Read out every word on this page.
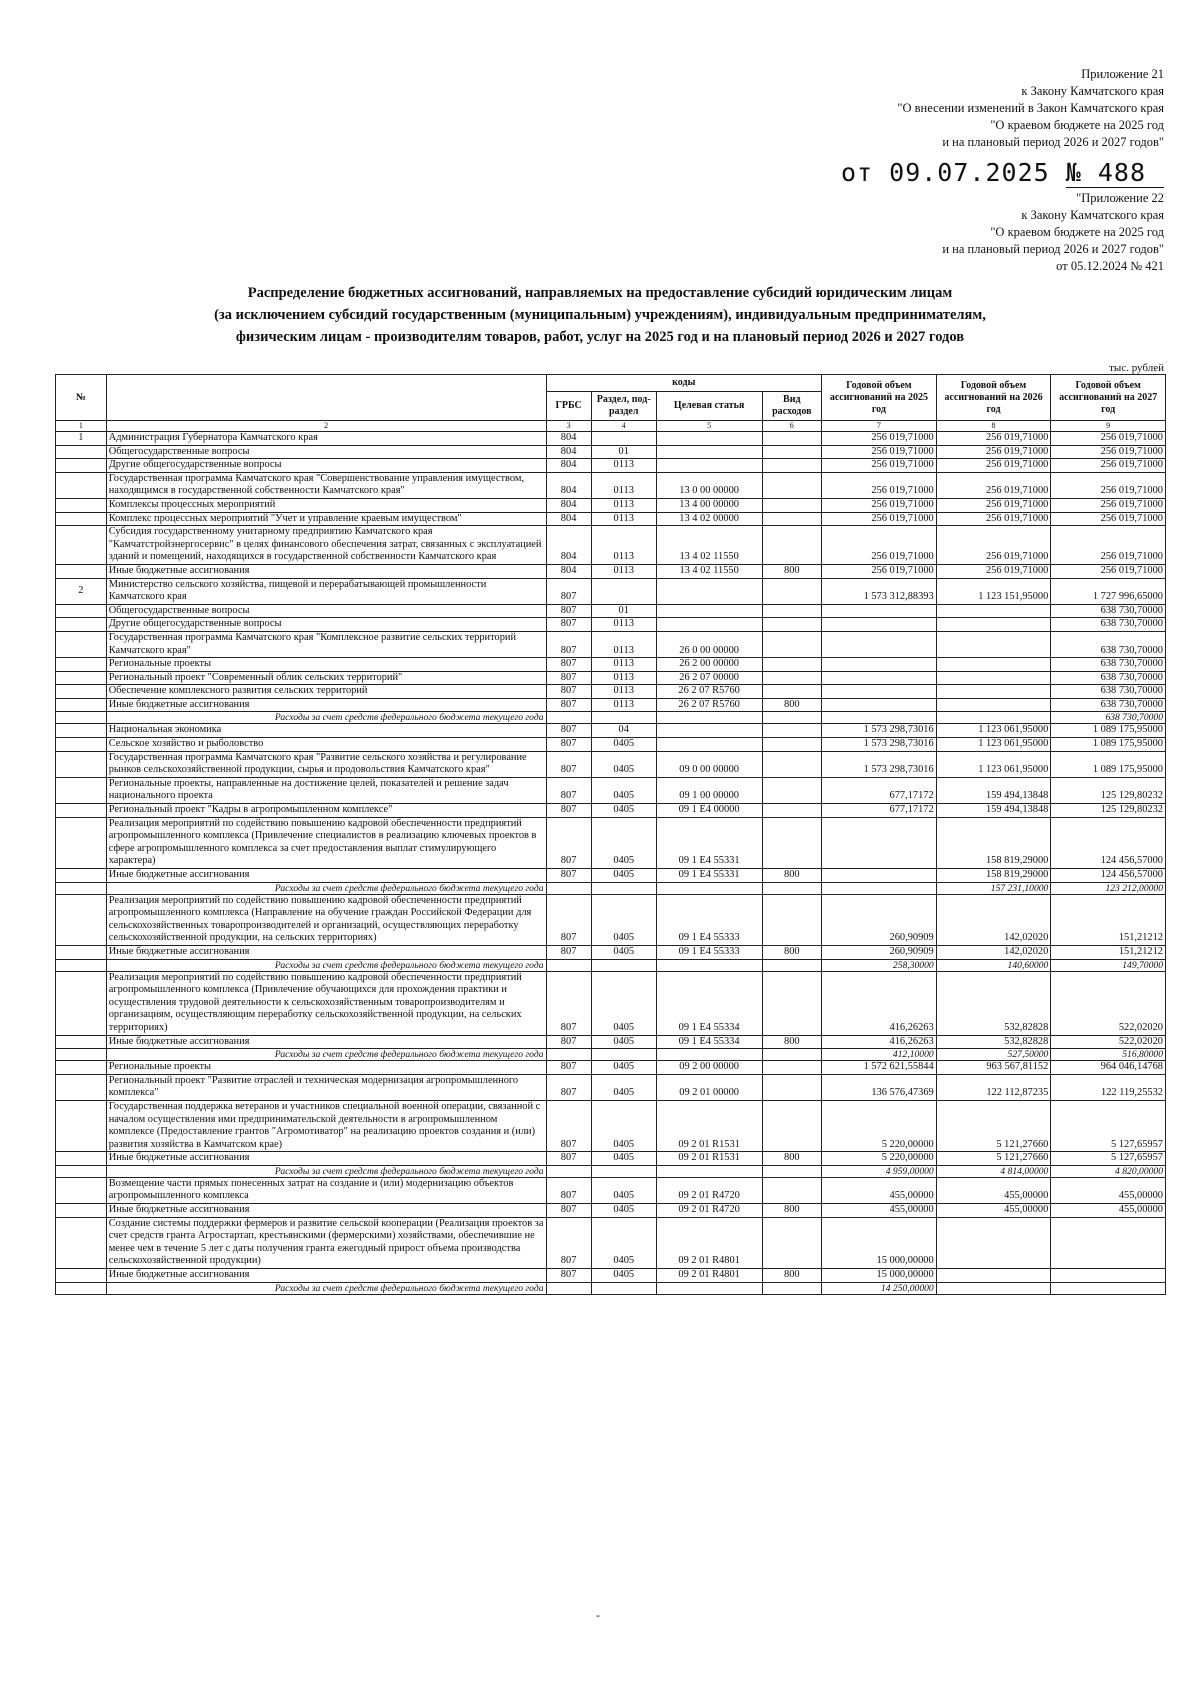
Приложение 21
к Закону Камчатского края
"О внесении изменений в Закон Камчатского края
"О краевом бюджете на 2025 год
и на плановый период 2026 и 2027 годов"
от 09.07.2025 № 488
"Приложение 22
к Закону Камчатского края
"О краевом бюджете на 2025 год
и на плановый период 2026 и 2027 годов"
от 05.12.2024 № 421
Распределение бюджетных ассигнований, направляемых на предоставление субсидий юридическим лицам
(за исключением субсидий государственным (муниципальным) учреждениям), индивидуальным предпринимателям,
физическим лицам - производителям товаров, работ, услуг на 2025 год и на плановый период 2026 и 2027 годов
тыс. рублей
№		коды				Годовой объем ассигнований на 2025 год	Годовой объем ассигнований на 2026 год	Годовой объем ассигнований на 2027 год
		ГРБС	Раздел, под-раздел	Целевая статья	Вид расходов			
1	2	3	4	5	6	7	8	9
1	Администрация Губернатора Камчатского края	804				256 019,71000	256 019,71000	256 019,71000
	Общегосударственные вопросы	804	01			256 019,71000	256 019,71000	256 019,71000
	Другие общегосударственные вопросы	804	0113			256 019,71000	256 019,71000	256 019,71000
	Государственная программа Камчатского края "Совершенствование управления имуществом, находящимся в государственной собственности Камчатского края"	804	0113	13 0 00 00000		256 019,71000	256 019,71000	256 019,71000
	Комплексы процессных мероприятий	804	0113	13 4 00 00000		256 019,71000	256 019,71000	256 019,71000
	Комплекс процессных мероприятий "Учет и управление краевым имуществом"	804	0113	13 4 02 00000		256 019,71000	256 019,71000	256 019,71000
	Субсидия государственному унитарному предприятию Камчатского края "Камчатстройэнергосервис" в целях финансового обеспечения затрат, связанных с эксплуатацией зданий и помещений, находящихся в государственной собственности Камчатского края	804	0113	13 4 02 11550		256 019,71000	256 019,71000	256 019,71000
	Иные бюджетные ассигнования	804	0113	13 4 02 11550	800	256 019,71000	256 019,71000	256 019,71000
2	Министерство сельского хозяйства, пищевой и перерабатывающей промышленности Камчатского края	807				1 573 312,88393	1 123 151,95000	1 727 996,65000
	Общегосударственные вопросы	807	01					638 730,70000
	Другие общегосударственные вопросы	807	0113					638 730,70000
	Государственная программа Камчатского края "Комплексное развитие сельских территорий Камчатского края"	807	0113	26 0 00 00000				638 730,70000
	Региональные проекты	807	0113	26 2 00 00000				638 730,70000
	Региональный проект "Современный облик сельских территорий"	807	0113	26 2 07 00000				638 730,70000
	Обеспечение комплексного развития сельских территорий	807	0113	26 2 07 R5760				638 730,70000
	Иные бюджетные ассигнования	807	0113	26 2 07 R5760	800			638 730,70000
	Расходы за счет средств федерального бюджета текущего года							638 730,70000
	Национальная экономика	807	04			1 573 298,73016	1 123 061,95000	1 089 175,95000
	Сельское хозяйство и рыболовство	807	0405			1 573 298,73016	1 123 061,95000	1 089 175,95000
	Государственная программа Камчатского края "Развитие сельского хозяйства и регулирование рынков сельскохозяйственной продукции, сырья и продовольствия Камчатского края"	807	0405	09 0 00 00000		1 573 298,73016	1 123 061,95000	1 089 175,95000
	Региональные проекты, направленные на достижение целей, показателей и решение задач национального проекта	807	0405	09 1 00 00000		677,17172	159 494,13848	125 129,80232
	Региональный проект "Кадры в агропромышленном комплексе"	807	0405	09 1 E4 00000		677,17172	159 494,13848	125 129,80232
	Реализация мероприятий по содействию повышению кадровой обеспеченности предприятий агропромышленного комплекса (Привлечение специалистов в реализацию ключевых проектов в сфере агропромышленного комплекса за счет предоставления выплат стимулирующего характера)	807	0405	09 1 E4 55331			158 819,29000	124 456,57000
	Иные бюджетные ассигнования	807	0405	09 1 E4 55331	800		158 819,29000	124 456,57000
	Расходы за счет средств федерального бюджета текущего года						157 231,10000	123 212,00000
	Реализация мероприятий по содействию повышению кадровой обеспеченности предприятий агропромышленного комплекса (Направление на обучение граждан Российской Федерации для сельскохозяйственных товаропроизводителей и организаций, осуществляющих переработку сельскохозяйственной продукции, на сельских территориях)	807	0405	09 1 E4 55333		260,90909	142,02020	151,21212
	Иные бюджетные ассигнования	807	0405	09 1 E4 55333	800	260,90909	142,02020	151,21212
	Расходы за счет средств федерального бюджета текущего года					258,30000	140,60000	149,70000
	Реализация мероприятий по содействию повышению кадровой обеспеченности предприятий агропромышленного комплекса (Привлечение обучающихся для прохождения практики и осуществления трудовой деятельности к сельскохозяйственным товаропроизводителям и организациям, осуществляющим переработку сельскохозяйственной продукции, на сельских территориях)	807	0405	09 1 E4 55334		416,26263	532,82828	522,02020
	Иные бюджетные ассигнования	807	0405	09 1 E4 55334	800	416,26263	532,82828	522,02020
	Расходы за счет средств федерального бюджета текущего года					412,10000	527,50000	516,80000
	Региональные проекты	807	0405	09 2 00 00000		1 572 621,55844	963 567,81152	964 046,14768
	Региональный проект "Развитие отраслей и техническая модернизация агропромышленного комплекса"	807	0405	09 2 01 00000		136 576,47369	122 112,87235	122 119,25532
	Государственная поддержка ветеранов и участников специальной военной операции, связанной с началом осуществления ими предпринимательской деятельности в агропромышленном комплексе (Предоставление грантов "Агромотиватор" на реализацию проектов создания и (или) развития хозяйства в Камчатском крае)	807	0405	09 2 01 R1531		5 220,00000	5 121,27660	5 127,65957
	Иные бюджетные ассигнования	807	0405	09 2 01 R1531	800	5 220,00000	5 121,27660	5 127,65957
	Расходы за счет средств федерального бюджета текущего года					4 959,00000	4 814,00000	4 820,00000
	Возмещение части прямых понесенных затрат на создание и (или) модернизацию объектов агропромышленного комплекса	807	0405	09 2 01 R4720		455,00000	455,00000	455,00000
	Иные бюджетные ассигнования	807	0405	09 2 01 R4720	800	455,00000	455,00000	455,00000
	Создание системы поддержки фермеров и развитие сельской кооперации (Реализация проектов за счет средств гранта Агростартап, крестьянскими (фермерскими) хозяйствами, обеспечившие не менее чем в течение 5 лет с даты получения гранта ежегодный прирост объема производства сельскохозяйственной продукции)	807	0405	09 2 01 R4801		15 000,00000		
	Иные бюджетные ассигнования	807	0405	09 2 01 R4801	800	15 000,00000		
	Расходы за счет средств федерального бюджета текущего года					14 250,00000		
-
